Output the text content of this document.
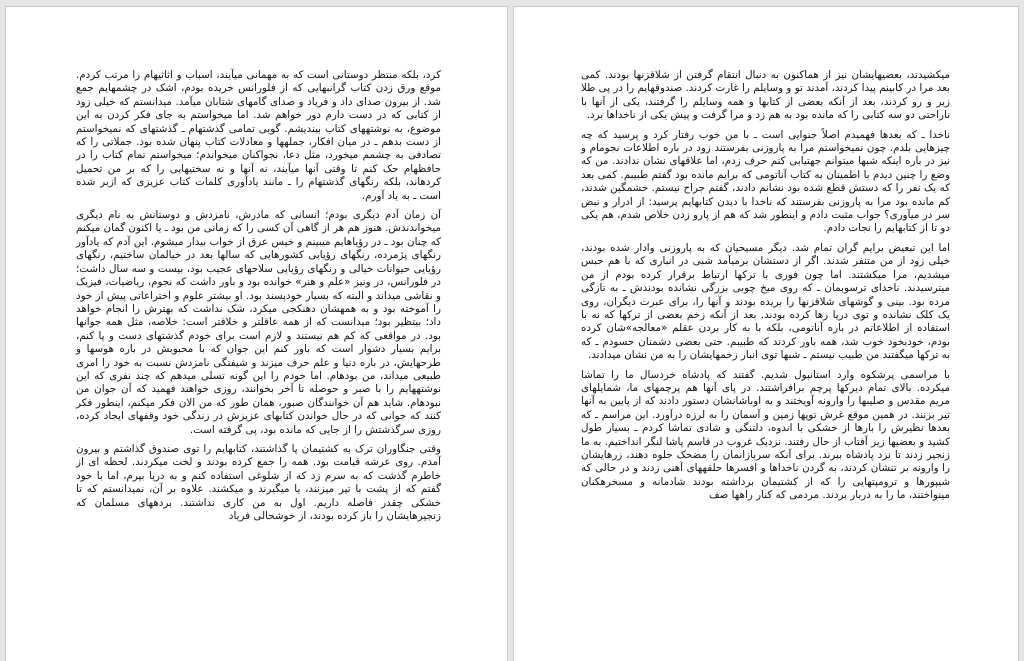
کرد، بلکه منتظر دوستانی است که به مهمانی میآیند، اسباب و اثاثیهام را مرتب کردم. موقع ورق زدن کتاب گرانبهایی که از فلورانس خریده بودم، اشک در چشمهایم جمع شد. از بیرون صدای داد و فریاد و صدای گامهای شتابان میآمد. میدانستم که خیلی زود از کتابی که در دست دارم دور خواهم شد. اما میخواستم به جای فکر کردن به این موضوع، به نوشتههای کتاب بیندیشم. گویی تمامی گذشتهام ـ گذشتهای که نمیخواستم از دست بدهم ـ در میان افکار، جملهها و معادلات کتاب پنهان شده بود. جملاتی را که تصادفی به چشمم میخورد، مثل دعا، نجواکنان میخواندم؛ میخواستم تمام کتاب را در حافظهام حک کنم تا وقتی آنها میآیند، نه آنها و نه سختیهایی را که بر من تحمیل کردهاند، بلکه رنگهای گذشتهام را ـ مانند یادآوری کلمات کتاب عزیزی که ازبر شده است ـ به یاد آورم.

آن زمان آدم دیگری بودم؛ انسانی که مادرش، نامزدش و دوستانش به نام دیگری میخواندندش. هنوز هم هر از گاهی آن کسی را که زمانی من بود ـ یا اکنون گمان میکنم که چنان بود ـ در رؤیاهایم میبینم و خیس عرق از خواب بیدار میشوم. این آدم که یادآور رنگهای پژمرده، رنگهای رؤیایی کشورهایی که سالها بعد در خیالمان ساختیم، رنگهای رؤیایی حیوانات خیالی و رنگهای رؤیایی سلاحهای عجیب بود، بیست و سه سال داشت؛ در فلورانس، در ونیز «علم و هنر» خوانده بود و باور داشت که نجوم، ریاضیات، فیزیک و نقاشی میداند و البته که بسیار خودپسند بود. او بیشتر علوم و اختراعاتی پیش از خود را آموخته بود و به همهشان دهنکجی میکرد، شک نداشت که بهترش را انجام خواهد داد؛ بیتظیر بود؛ میدانست که از همه عاقلتر و خلاقتر است: خلاصه، مثل همه جوانها بود. در مواقعی که کم هم نیستند و لازم است برای خودم گذشتهای دست و پا کنم، برایم بسیار دشوار است که باور کنم این جوان که با محبوبش در باره هوسها و طرحهایش، در باره دنیا و علم حرف میزند و شیفتگی نامزدش نسبت به خود را امری طبیعی میداند، من بودهام. اما خودم را این گونه تسلی میدهم که چند نفری که این نوشتههایم را با صبر و حوصله تا آخر بخوانند، روزی خواهند فهمید که آن جوان من نبودهام. شاید هم آن خوانندگان صبور، همان طور که من الان فکر میکنم، اینطور فکر کنند که جوانی که در حال خواندن کتابهای عزیزش در زندگی خود وقفهای ایجاد کرده، روزی سرگذشتش را از جایی که مانده بود، پی گرفته است.

وقتی جنگاوران ترک به کشتیمان پا گذاشتند، کتابهایم را توی صندوق گذاشتم و بیرون آمدم. روی عرشه قیامت بود. همه را جمع کرده بودند و لخت میکردند. لحظه ای از خاطرم گذشت که به سرم زد که از شلوغی استفاده کنم و به دریا بپرم، اما با خود گفتم که از پشت با تیر میزنند، یا میگیرند و میکشند. علاوه بر آن، نمیدانستم که تا خشکی چقدر فاصله داریم. اول به من کاری نداشتند. بردههای مسلمان که زنجیرهایشان را باز کرده بودند، از خوشحالی فریاد

میکشیدند، بعضیهایشان نیز از هماکنون به دنبال انتقام گرفتن از شلاقزنها بودند. کمی بعد مرا در کابینم پیدا کردند، آمدند تو و وسایلم را غارت کردند. صندوقهایم را در پی طلا زیر و رو کردند، بعد از آنکه بعضی از کتابها و همه وسایلم را گرفتند، یکی از آنها با ناراحتی دو سه کتابی را که مانده بود به هم زد و مرا گرفت و پیش یکی از ناخداها برد.

ناخدا ـ که بعدها فهمیدم اصلاً جنوایی است ـ با من خوب رفتار کرد و پرسید که چه چیزهایی بلدم. چون نمیخواستم مرا به پاروزنی بفرستند زود در باره اطلاعات نجومام و نیز در باره اینکه شبها میتوانم جهتیابی کنم حرف زدم، اما علاقهای نشان ندادند. من که وضع را چنین دیدم با اطمینان به کتاب آناتومی که برایم مانده بود گفتم طبیبم. کمی بعد که یک نفر را که دستش قطع شده بود نشانم دادند، گفتم جراح نیستم. خشمگین شدند، کم مانده بود مرا به پاروزنی بفرستند که ناخدا با دیدن کتابهایم پرسید: از ادرار و نبض سر در میآوری؟ جواب مثبت دادم و اینطور شد که هم از پارو زدن خلاص شدم، هم یکی دو تا از کتابهایم را نجات دادم.

اما این تبعیض برایم گران تمام شد. دیگر مسیحیان که به پاروزنی وادار شده بودند، خیلی زود از من متنفر شدند. اگر از دستشان برمیآمد شبی در انباری که با هم حبس میشدیم، مرا میکشتند. اما چون فوری با ترکها ارتباط برقرار کرده بودم از من میترسیدند. ناخدای ترسوبمان ـ که روی میخ چوبی بزرگی نشانده بودندش ـ به تازگی مرده بود. بینی و گوشهای شلاقزنها را بریده بودند و آنها را، برای عبرت دیگران، روی یک کلک نشانده و توی دریا رها کرده بودند. بعد از آنکه زخم بعضی از ترکها که نه با استفاده از اطلاعاتم در باره آناتومی، بلکه با به کار بردن عقلم «معالجه»شان کرده بودم، خودبخود خوب شد، همه باور کردند که طبیبم. حتی بعضی دشمنان حسودم ـ که به ترکها میگفتند من طبیب نیستم ـ شبها توی انبار زخمهایشان را به من نشان میدادند.

با مراسمی پرشکوه وارد استانبول شدیم. گفتند که پادشاه خردسال ما را تماشا میکرده. بالای تمام دیرکها پرچم برافراشتند. در پای آنها هم پرچمهای ما، شمایلهای مریم مقدس و صلیبها را وارونه آویختند و به اوباشانشان دستور دادند که از پایین به آنها تیر بزنند. در همین موقع غرش توپها زمین و آسمان را به لرزه درآورد. این مراسم ـ که بعدها نظیرش را بارها از خشکی با اندوه، دلتنگی و شادی تماشا کردم ـ بسیار طول کشید و بعضیها زیر آفتاب از حال رفتند. نزدیک غروب در قاسم پاشا لنگر انداختیم. به ما زنجیر زدند تا نزد پادشاه ببرند. برای آنکه سربازانمان را مضحک جلوه دهند، زرهایشان را وارونه بر تنشان کردند، به گردن ناخداها و افسرها حلقههای آهنی زدند و در حالی که شیپورها و ترومپتهایی را که از کشتیمان برداشته بودند شادمانه و مسخرهکنان مینواختند، ما را به دربار بردند. مردمی که کنار راهها صف
